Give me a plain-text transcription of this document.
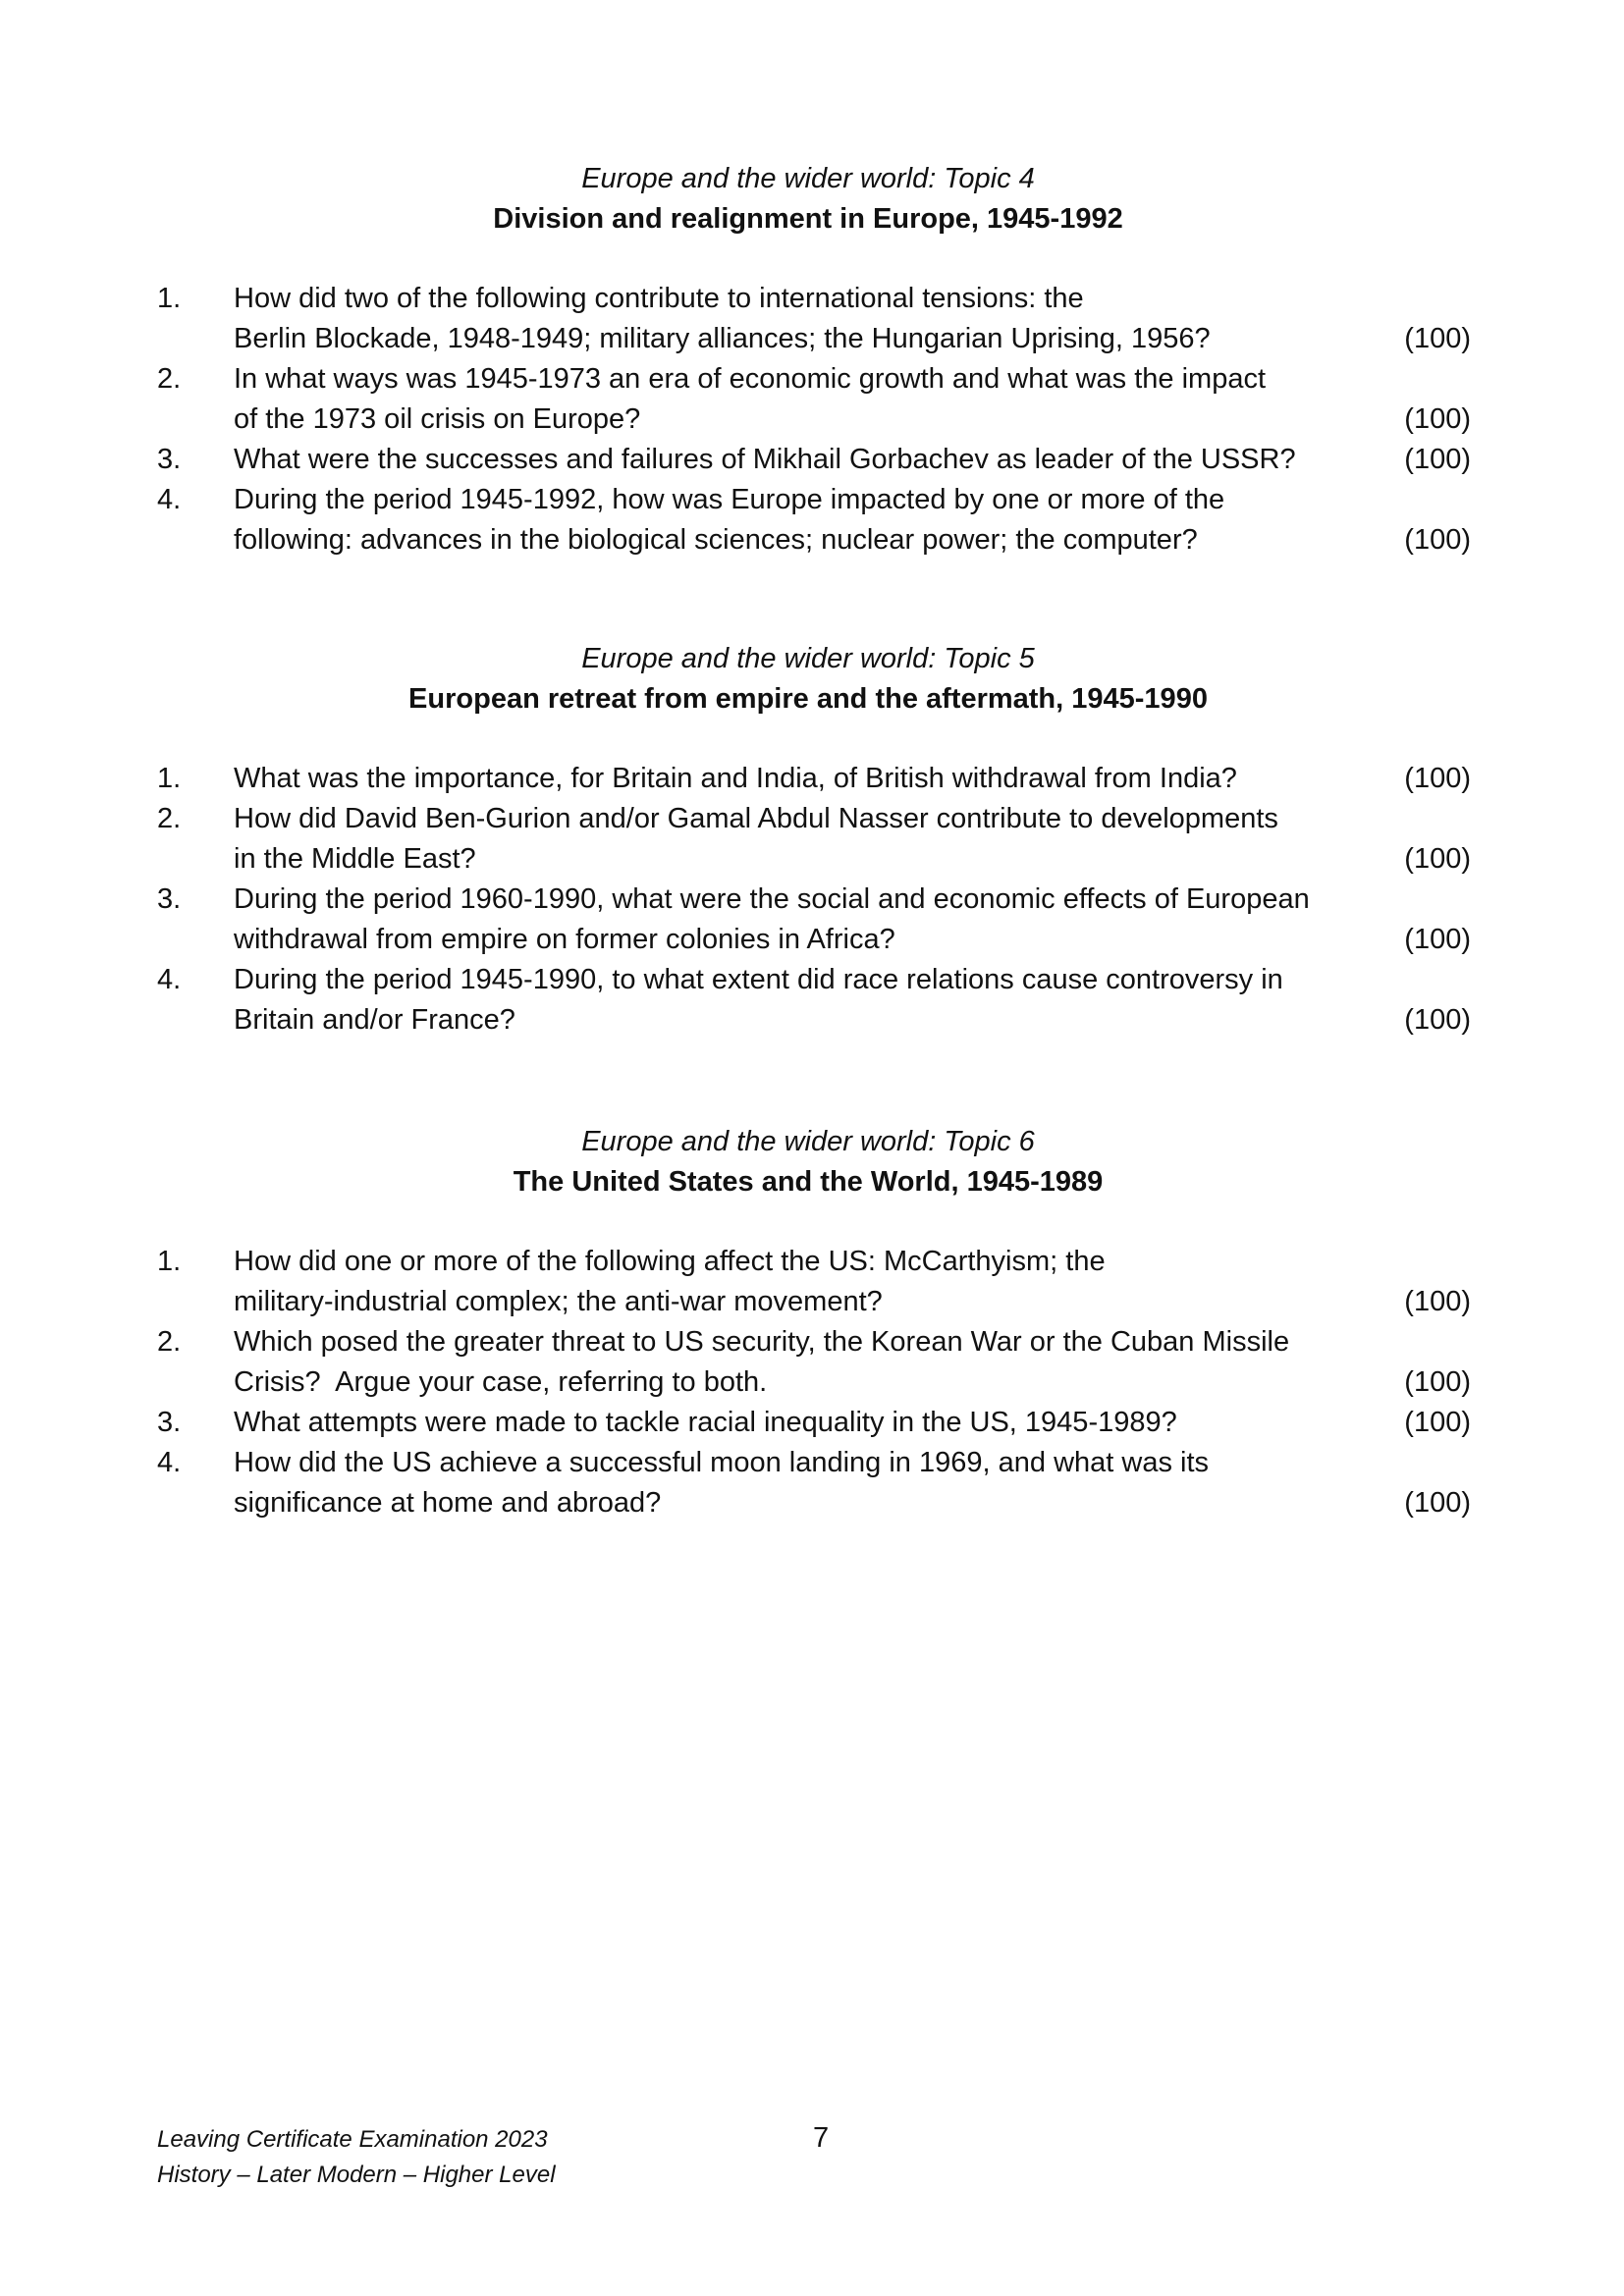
Europe and the wider world: Topic 4
Division and realignment in Europe, 1945-1992
1. How did two of the following contribute to international tensions: the
Berlin Blockade, 1948-1949; military alliances; the Hungarian Uprising, 1956?	(100)
2. In what ways was 1945-1973 an era of economic growth and what was the impact
of the 1973 oil crisis on Europe?	(100)
3. What were the successes and failures of Mikhail Gorbachev as leader of the USSR?	(100)
4. During the period 1945-1992, how was Europe impacted by one or more of the
following: advances in the biological sciences; nuclear power; the computer?	(100)
Europe and the wider world: Topic 5
European retreat from empire and the aftermath, 1945-1990
1. What was the importance, for Britain and India, of British withdrawal from India?	(100)
2. How did David Ben-Gurion and/or Gamal Abdul Nasser contribute to developments
in the Middle East?	(100)
3. During the period 1960-1990, what were the social and economic effects of European
withdrawal from empire on former colonies in Africa?	(100)
4. During the period 1945-1990, to what extent did race relations cause controversy in
Britain and/or France?	(100)
Europe and the wider world: Topic 6
The United States and the World, 1945-1989
1. How did one or more of the following affect the US: McCarthyism; the
military-industrial complex; the anti-war movement?	(100)
2. Which posed the greater threat to US security, the Korean War or the Cuban Missile
Crisis?  Argue your case, referring to both.	(100)
3. What attempts were made to tackle racial inequality in the US, 1945-1989?	(100)
4. How did the US achieve a successful moon landing in 1969, and what was its
significance at home and abroad?	(100)
Leaving Certificate Examination 2023
History – Later Modern – Higher Level
7
